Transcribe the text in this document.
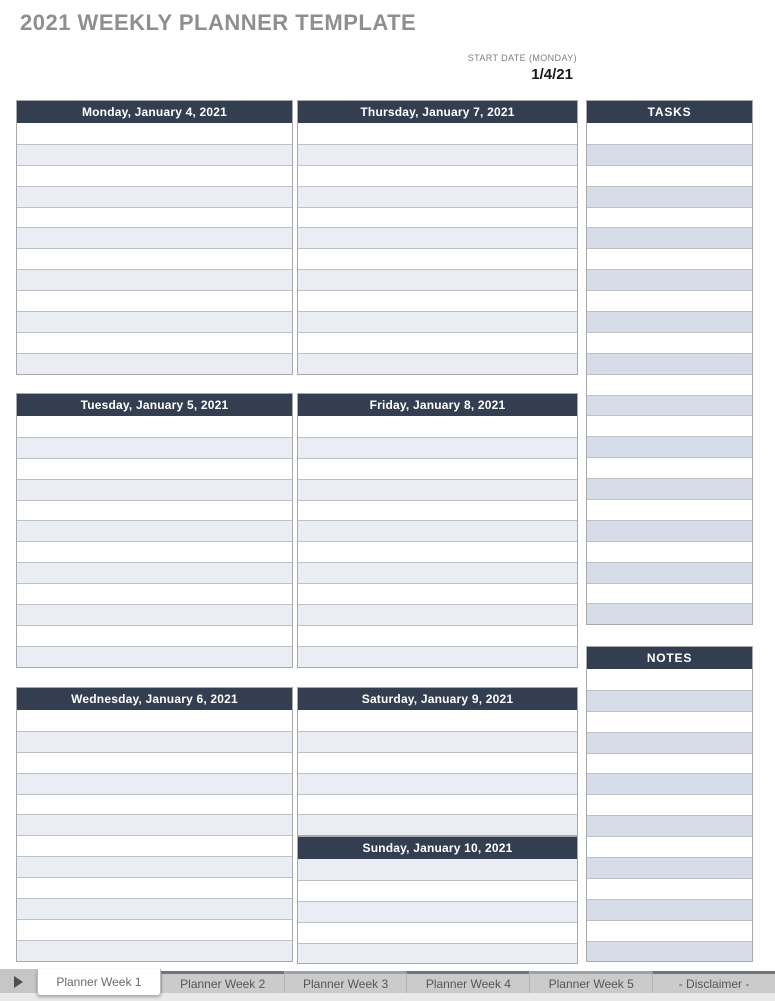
2021 WEEKLY PLANNER TEMPLATE
START DATE (MONDAY)
1/4/21
Monday, January 4, 2021
Tuesday, January 5, 2021
Wednesday, January 6, 2021
Thursday, January 7, 2021
Friday, January 8, 2021
Saturday, January 9, 2021
Sunday, January 10, 2021
TASKS
NOTES
Planner Week 1	Planner Week 2	Planner Week 3	Planner Week 4	Planner Week 5	- Disclaimer -
